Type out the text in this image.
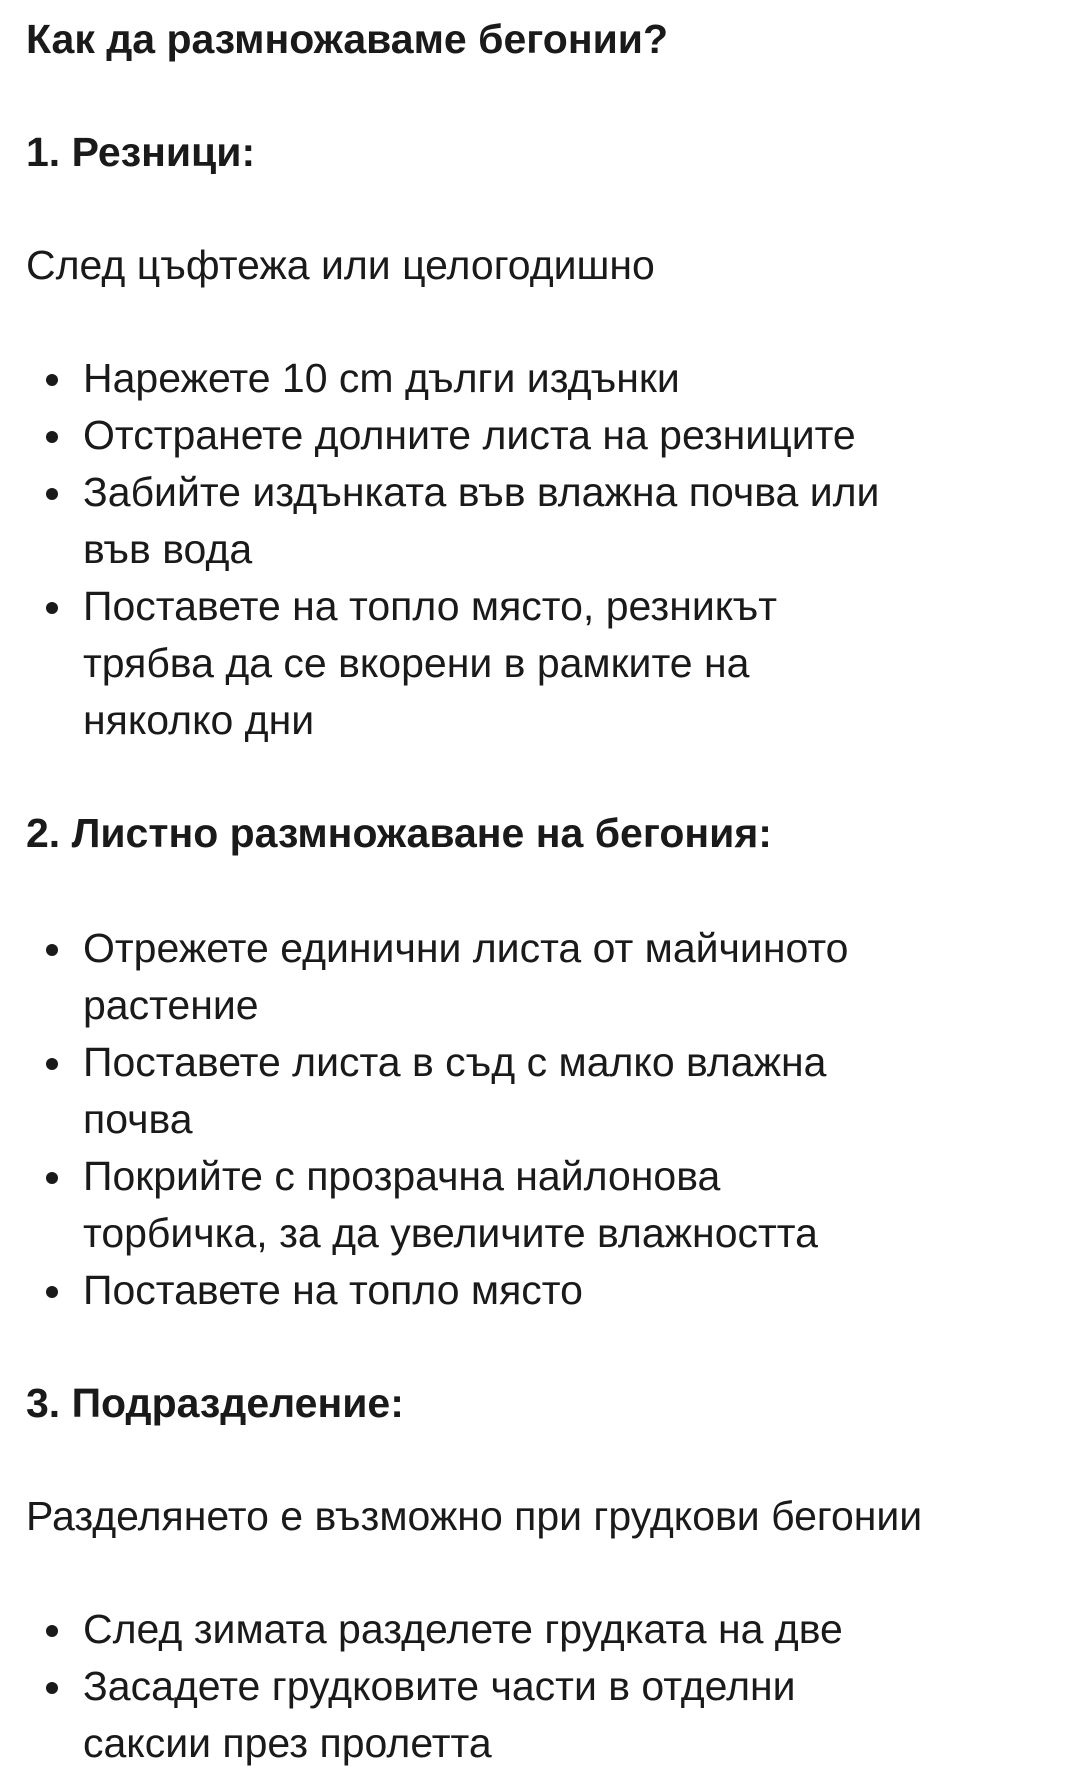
Как да размножаваме бегонии?
1. Резници:

След цъфтежа или целогодишно

Нарежете 10 cm дълги издънки
Отстранете долните листа на резниците
Забийте издънката във влажна почва или във вода
Поставете на топло място, резникът трябва да се вкорени в рамките на няколко дни
2. Листно размножаване на бегония:
Отрежете единични листа от майчиното растение
Поставете листа в съд с малко влажна почва
Покрийте с прозрачна найлонова торбичка, за да увеличите влажността
Поставете на топло място
3. Подразделение:

Разделянето е възможно при грудкови бегонии

След зимата разделете грудката на две
Засадете грудковите части в отделни саксии през пролетта
